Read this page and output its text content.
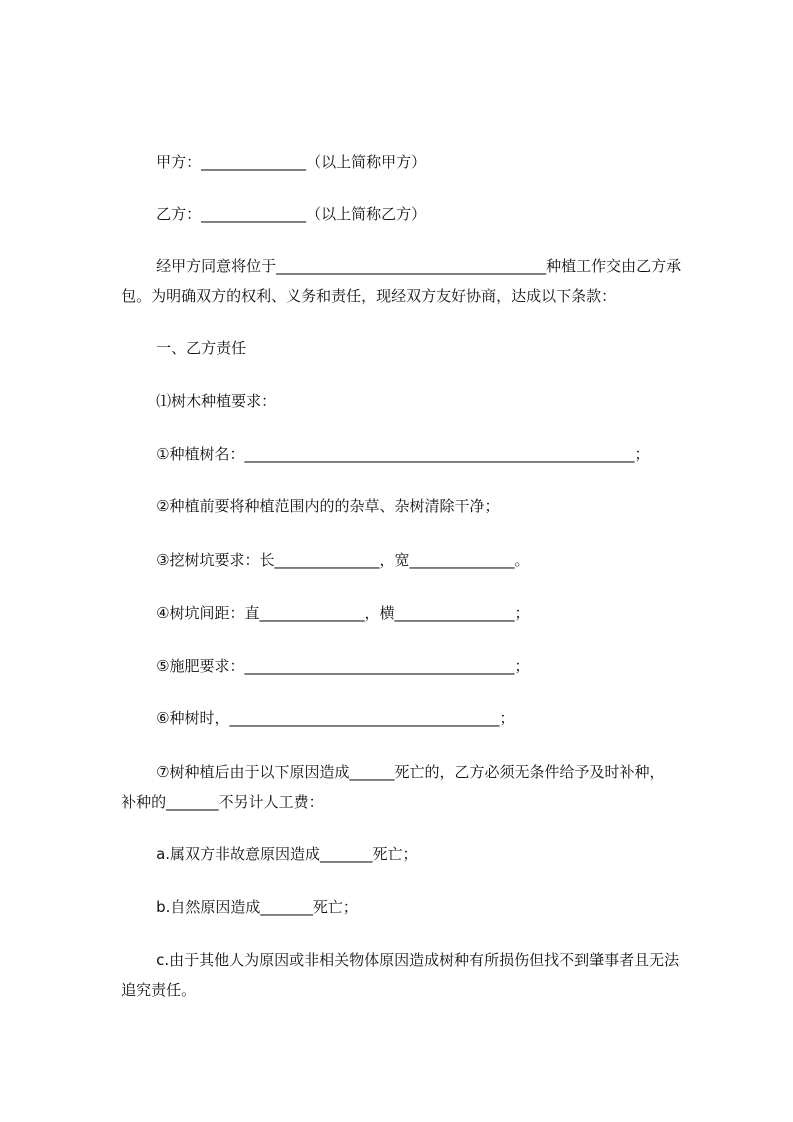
甲方：______________（以上简称甲方）

乙方：______________（以上简称乙方）

经甲方同意将位于____________________________________种植工作交由乙方承

包。为明确双方的权利、义务和责任，现经双方友好协商，达成以下条款：

一、乙方责任

⑴树木种植要求：

①种植树名：____________________________________________________；

②种植前要将种植范围内的的杂草、杂树清除干净；

③挖树坑要求：长______________，宽______________。

④树坑间距：直______________，横________________；

⑤施肥要求：____________________________________；

⑥种树时，____________________________________；

⑦树种植后由于以下原因造成______死亡的，乙方必须无条件给予及时补种，

补种的_______不另计人工费：

a.属双方非故意原因造成_______死亡；

b.自然原因造成_______死亡；

c.由于其他人为原因或非相关物体原因造成树种有所损伤但找不到肇事者且无法

追究责任。
